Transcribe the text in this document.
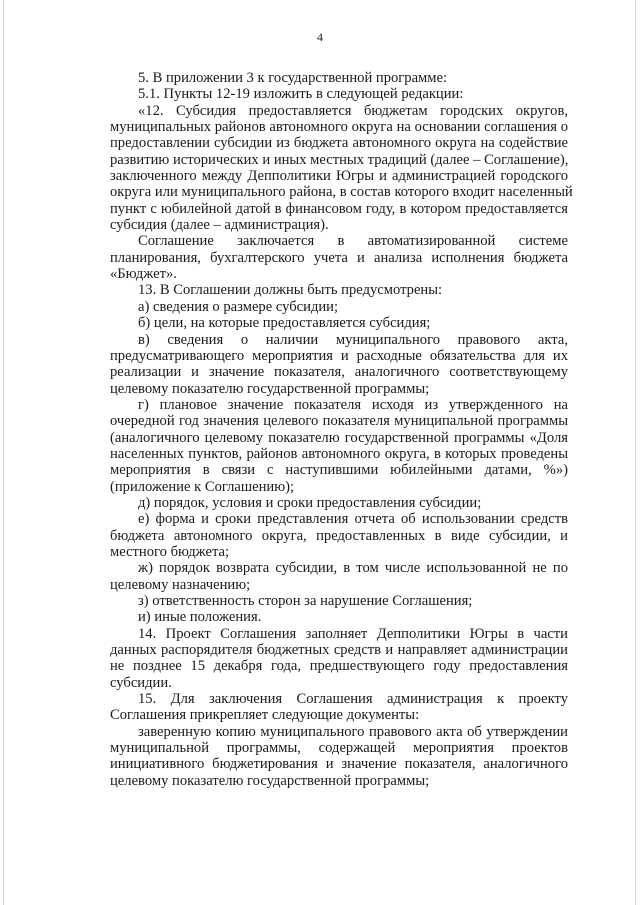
4
5. В приложении 3 к государственной программе:
5.1. Пункты 12-19 изложить в следующей редакции:
«12. Субсидия предоставляется бюджетам городских округов,
муниципальных районов автономного округа на основании соглашения о
предоставлении субсидии из бюджета автономного округа на содействие
развитию исторических и иных местных традиций (далее – Соглашение),
заключенного между Депполитики Югры и администрацией городского
округа или муниципального района, в состав которого входит населенный
пункт с юбилейной датой в финансовом году, в котором предоставляется
субсидия (далее – администрация).
Соглашение заключается в автоматизированной системе
планирования, бухгалтерского учета и анализа исполнения бюджета
«Бюджет».
13. В Соглашении должны быть предусмотрены:
а) сведения о размере субсидии;
б) цели, на которые предоставляется субсидия;
в) сведения о наличии муниципального правового акта,
предусматривающего мероприятия и расходные обязательства для их
реализации и значение показателя, аналогичного соответствующему
целевому показателю государственной программы;
г) плановое значение показателя исходя из утвержденного на
очередной год значения целевого показателя муниципальной программы
(аналогичного целевому показателю государственной программы «Доля
населенных пунктов, районов автономного округа, в которых проведены
мероприятия в связи с наступившими юбилейными датами, %»)
(приложение к Соглашению);
д) порядок, условия и сроки предоставления субсидии;
е) форма и сроки представления отчета об использовании средств
бюджета автономного округа, предоставленных в виде субсидии, и
местного бюджета;
ж) порядок возврата субсидии, в том числе использованной не по
целевому назначению;
з) ответственность сторон за нарушение Соглашения;
и) иные положения.
14. Проект Соглашения заполняет Депполитики Югры в части
данных распорядителя бюджетных средств и направляет администрации
не позднее 15 декабря года, предшествующего году предоставления
субсидии.
15. Для заключения Соглашения администрация к проекту
Соглашения прикрепляет следующие документы:
заверенную копию муниципального правового акта об утверждении
муниципальной программы, содержащей мероприятия проектов
инициативного бюджетирования и значение показателя, аналогичного
целевому показателю государственной программы;
